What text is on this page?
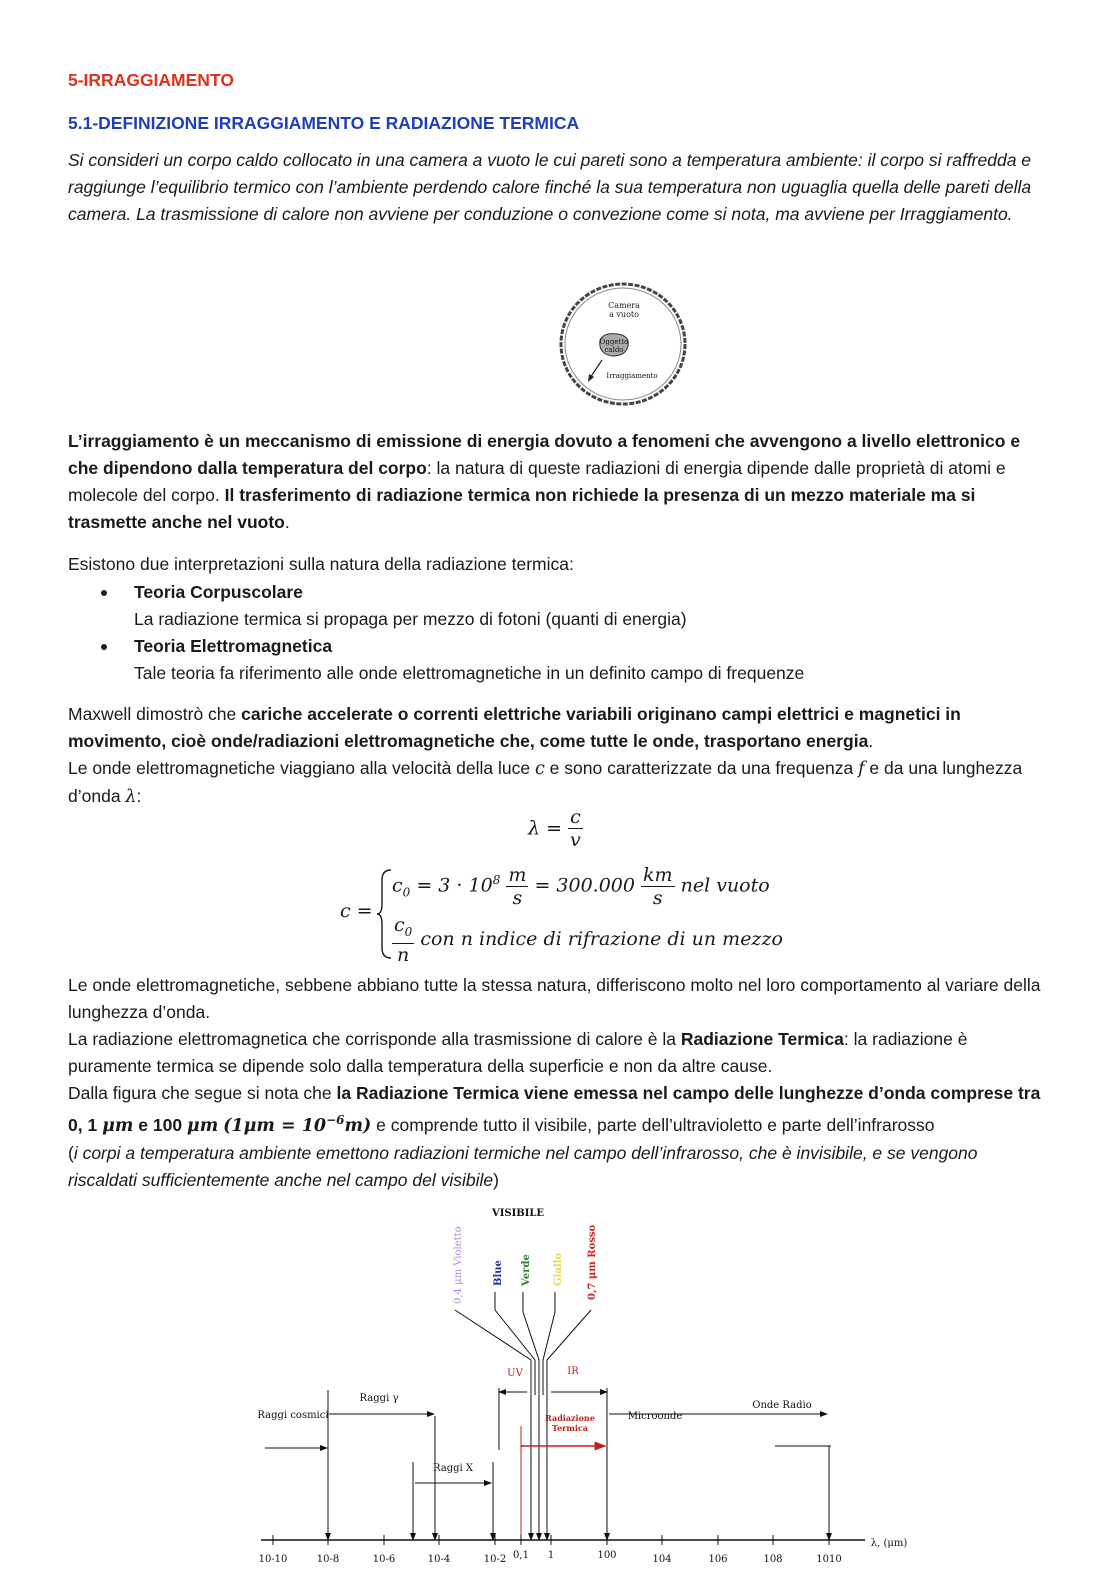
5-IRRAGGIAMENTO
5.1-DEFINIZIONE IRRAGGIAMENTO E RADIAZIONE TERMICA

Si consideri un corpo caldo collocato in una camera a vuoto le cui pareti sono a temperatura ambiente: il corpo si raffredda e raggiunge l’equilibrio termico con l’ambiente perdendo calore finché la sua temperatura non uguaglia quella delle pareti della camera. La trasmissione di calore non avviene per conduzione o convezione come si nota, ma avviene per Irraggiamento.

Camera
a vuoto
Oggetto
caldo
Irraggiamento

L’irraggiamento è un meccanismo di emissione di energia dovuto a fenomeni che avvengono a livello elettronico e che dipendono dalla temperatura del corpo: la natura di queste radiazioni di energia dipende dalle proprietà di atomi e molecole del corpo. Il trasferimento di radiazione termica non richiede la presenza di un mezzo materiale ma si trasmette anche nel vuoto.

Esistono due interpretazioni sulla natura della radiazione termica:

Teoria Corpuscolare
La radiazione termica si propaga per mezzo di fotoni (quanti di energia)
Teoria Elettromagnetica
Tale teoria fa riferimento alle onde elettromagnetiche in un definito campo di frequenze

Maxwell dimostrò che cariche accelerate o correnti elettriche variabili originano campi elettrici e magnetici in movimento, cioè onde/radiazioni elettromagnetiche che, come tutte le onde, trasportano energia.
Le onde elettromagnetiche viaggiano alla velocità della luce c e sono caratterizzate da una frequenza f e da una lunghezza d’onda λ:

$\lambda = \frac{c}{v}$
c =
$c_0 = 3 \cdot 10^8 \frac{m}{s} = 300.000 \frac{km}{s}$ nel vuoto
$\frac{c_0}{n}$ con n indice di rifrazione di un mezzo

Le onde elettromagnetiche, sebbene abbiano tutte la stessa natura, differiscono molto nel loro comportamento al variare della lunghezza d’onda.

La radiazione elettromagnetica che corrisponde alla trasmissione di calore è la Radiazione Termica: la radiazione è puramente termica se dipende solo dalla temperatura della superficie e non da altre cause.

Dalla figura che segue si nota che la Radiazione Termica viene emessa nel campo delle lunghezze d’onda comprese tra 0, 1 μm e 100 μm $(1\mu m = 10^{-6}m)$ e comprende tutto il visibile, parte dell’ultravioletto e parte dell’infrarosso
(i corpi a temperatura ambiente emettono radiazioni termiche nel campo dell’infrarosso, che è invisibile, e se vengono riscaldati sufficientemente anche nel campo del visibile)

VISIBILE
0,4 μm Violetto	Blue Verde Giallo 0,7 μm Rosso
UV	IR
Raggi cosmici
Raggi γ
Raggi X
Radiazione
Termica
Microonde
Onde Radio
10-10	10-8	10-6	10-4	10-2 0,1 1	100	104	106	108	1010
λ, (μm)
